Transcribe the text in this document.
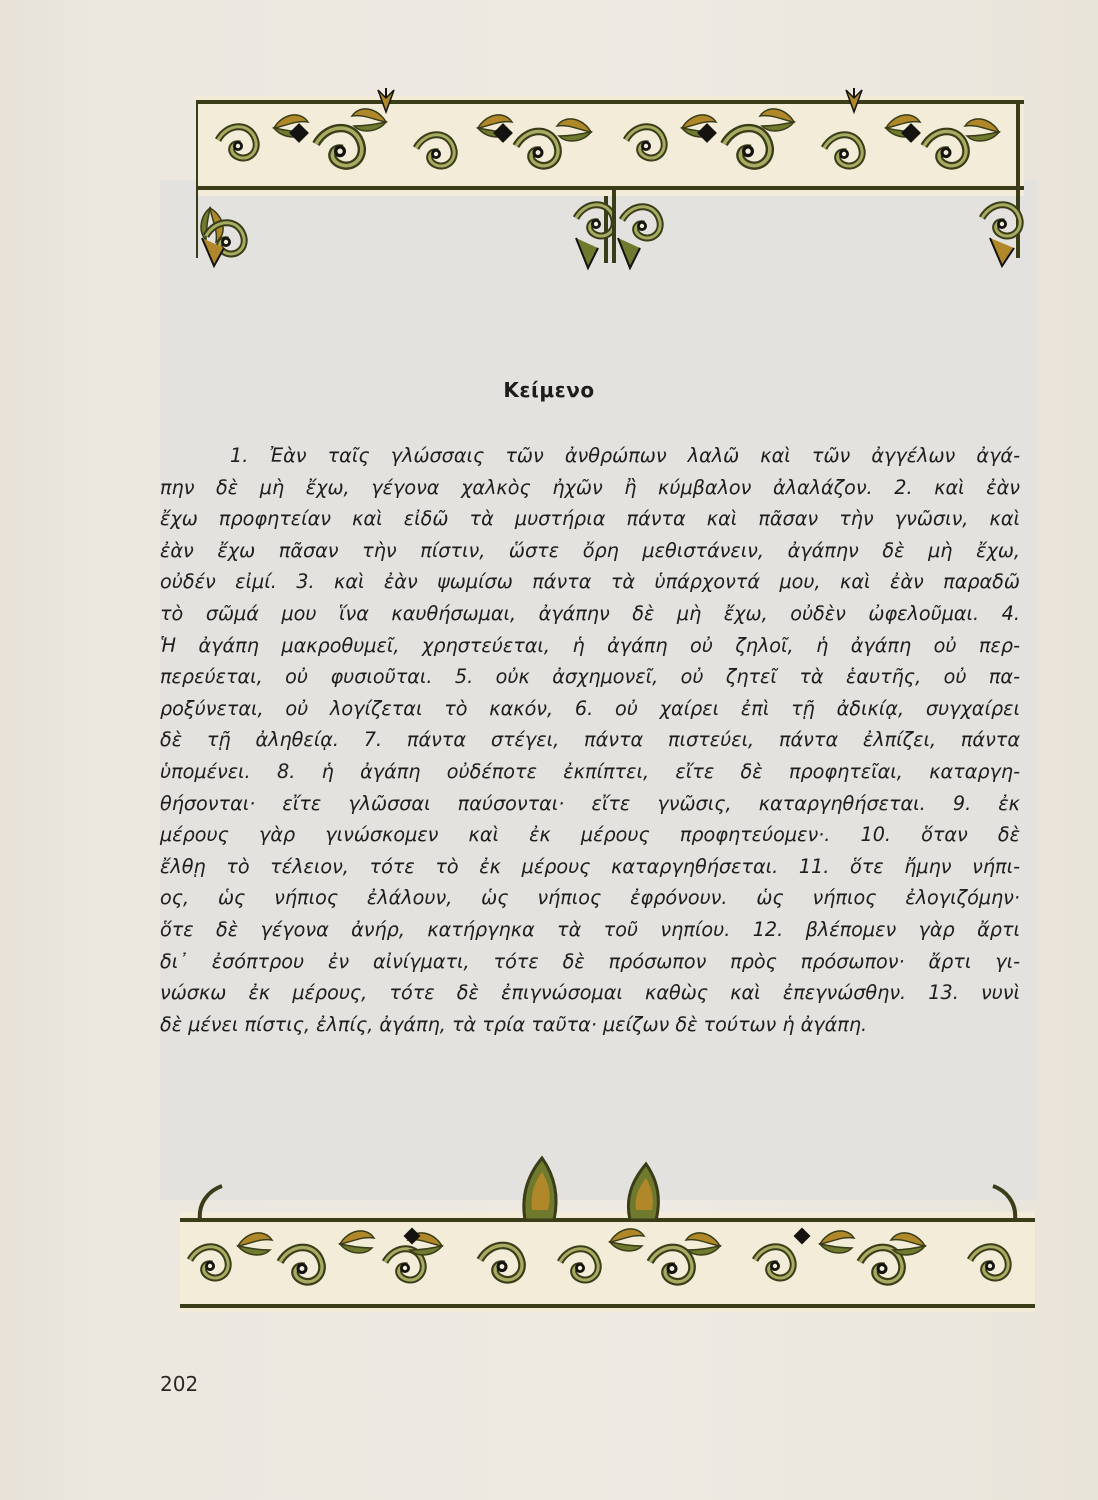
Κείμενο
1. Ἐὰν ταῖς γλώσσαις τῶν ἀνθρώπων λαλῶ καὶ τῶν ἀγγέλων ἀγά-
πην δὲ μὴ ἔχω, γέγονα χαλκὸς ἠχῶν ἢ κύμβαλον ἀλαλάζον. 2. καὶ ἐὰν
ἔχω προφητείαν καὶ εἰδῶ τὰ μυστήρια πάντα καὶ πᾶσαν τὴν γνῶσιν, καὶ
ἐὰν ἔχω πᾶσαν τὴν πίστιν, ὥστε ὄρη μεθιστάνειν, ἀγάπην δὲ μὴ ἔχω,
οὐδέν εἰμί. 3. καὶ ἐὰν ψωμίσω πάντα τὰ ὑπάρχοντά μου, καὶ ἐὰν παραδῶ
τὸ σῶμά μου ἵνα καυθήσωμαι, ἀγάπην δὲ μὴ ἔχω, οὐδὲν ὠφελοῦμαι. 4.
Ἡ ἀγάπη μακροθυμεῖ, χρηστεύεται, ἡ ἀγάπη οὐ ζηλοῖ, ἡ ἀγάπη οὐ περ-
περεύεται, οὐ φυσιοῦται. 5. οὐκ ἀσχημονεῖ, οὐ ζητεῖ τὰ ἑαυτῆς, οὐ πα-
ροξύνεται, οὐ λογίζεται τὸ κακόν, 6. οὐ χαίρει ἐπὶ τῇ ἀδικίᾳ, συγχαίρει
δὲ τῇ ἀληθείᾳ. 7. πάντα στέγει, πάντα πιστεύει, πάντα ἐλπίζει, πάντα
ὑπομένει. 8. ἡ ἀγάπη οὐδέποτε ἐκπίπτει, εἴτε δὲ προφητεῖαι, καταργη-
θήσονται· εἴτε γλῶσσαι παύσονται· εἴτε γνῶσις, καταργηθήσεται. 9. ἐκ
μέρους γὰρ γινώσκομεν καὶ ἐκ μέρους προφητεύομεν·. 10. ὅταν δὲ
ἔλθῃ τὸ τέλειον, τότε τὸ ἐκ μέρους καταργηθήσεται. 11. ὅτε ἤμην νήπι-
ος, ὡς νήπιος ἐλάλουν, ὡς νήπιος ἐφρόνουν. ὡς νήπιος ἐλογιζόμην·
ὅτε δὲ γέγονα ἀνήρ, κατήργηκα τὰ τοῦ νηπίου. 12. βλέπομεν γὰρ ἄρτι
δι᾽ ἐσόπτρου ἐν αἰνίγματι, τότε δὲ πρόσωπον πρὸς πρόσωπον· ἄρτι γι-
νώσκω ἐκ μέρους, τότε δὲ ἐπιγνώσομαι καθὼς καὶ ἐπεγνώσθην. 13. νυνὶ
δὲ μένει πίστις, ἐλπίς, ἀγάπη, τὰ τρία ταῦτα· μείζων δὲ τούτων ἡ ἀγάπη.
202
